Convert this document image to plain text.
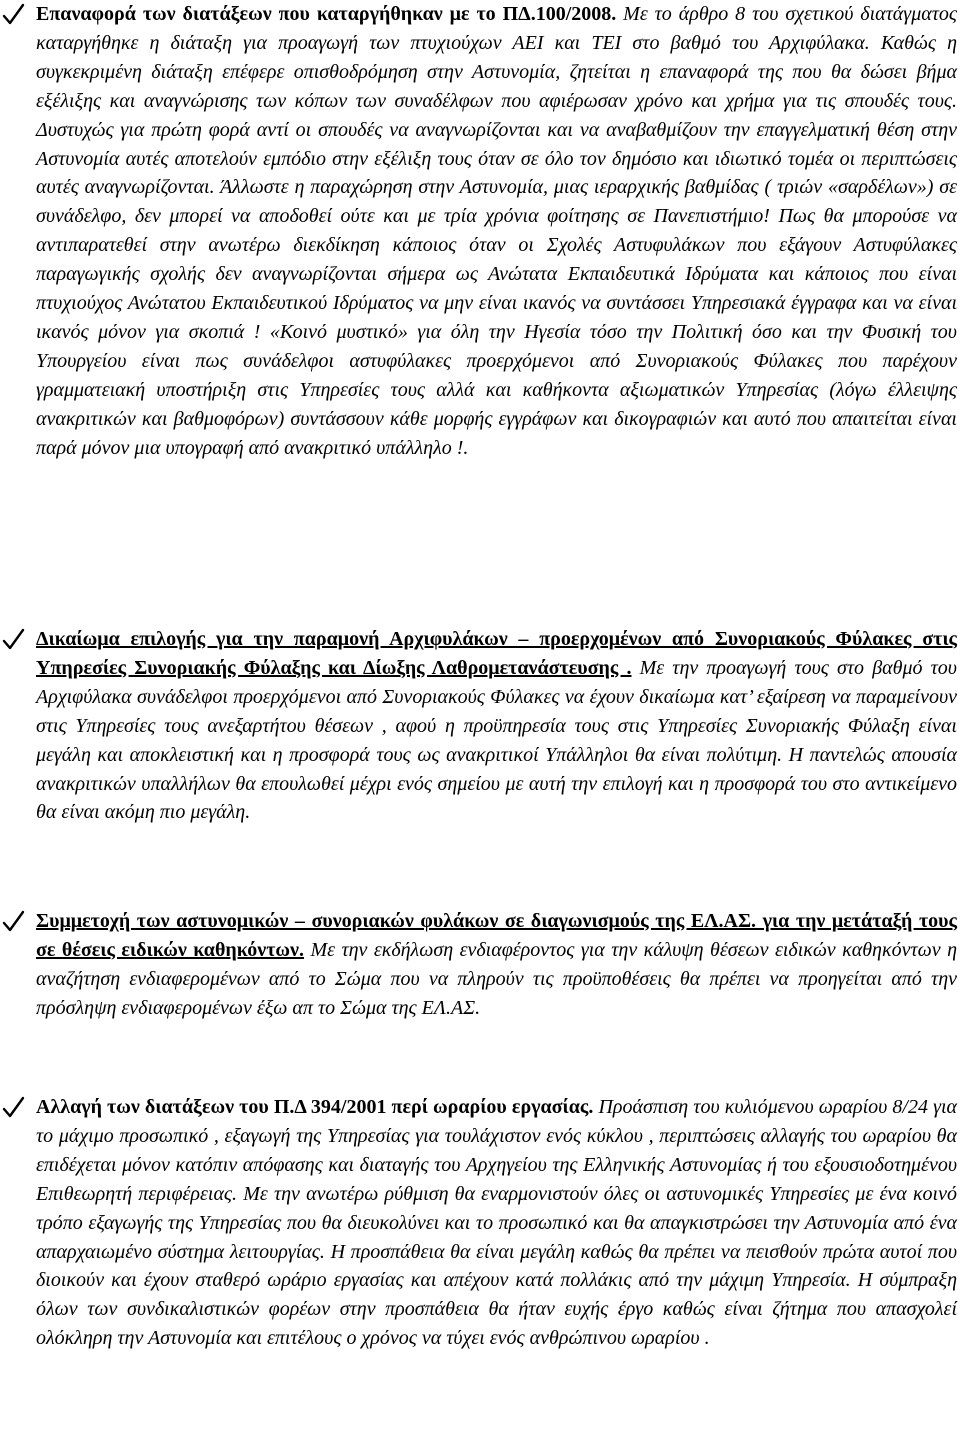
Επαναφορά των διατάξεων που καταργήθηκαν με το ΠΔ.100/2008. Με το άρθρο 8 του σχετικού διατάγματος καταργήθηκε η διάταξη για προαγωγή των πτυχιούχων ΑΕΙ και ΤΕΙ στο βαθμό του Αρχιφύλακα. Καθώς η συγκεκριμένη διάταξη επέφερε οπισθοδρόμηση στην Αστυνομία, ζητείται η επαναφορά της που θα δώσει βήμα εξέλιξης και αναγνώρισης των κόπων των συναδέλφων που αφιέρωσαν χρόνο και χρήμα για τις σπουδές τους. Δυστυχώς για πρώτη φορά αντί οι σπουδές να αναγνωρίζονται και να αναβαθμίζουν την επαγγελματική θέση στην Αστυνομία αυτές αποτελούν εμπόδιο στην εξέλιξη τους όταν σε όλο τον δημόσιο και ιδιωτικό τομέα οι περιπτώσεις αυτές αναγνωρίζονται. Άλλωστε η παραχώρηση στην Αστυνομία, μιας ιεραρχικής βαθμίδας ( τριών «σαρδέλων») σε συνάδελφο, δεν μπορεί να αποδοθεί ούτε και με τρία χρόνια φοίτησης σε Πανεπιστήμιο! Πως θα μπορούσε να αντιπαρατεθεί στην ανωτέρω διεκδίκηση κάποιος όταν οι Σχολές Αστυφυλάκων που εξάγουν Αστυφύλακες παραγωγικής σχολής δεν αναγνωρίζονται σήμερα ως Ανώτατα Εκπαιδευτικά Ιδρύματα και κάποιος που είναι πτυχιούχος Ανώτατου Εκπαιδευτικού Ιδρύματος να μην είναι ικανός να συντάσσει Υπηρεσιακά έγγραφα και να είναι ικανός μόνον για σκοπιά ! «Κοινό μυστικό» για όλη την Ηγεσία τόσο την Πολιτική όσο και την Φυσική του Υπουργείου είναι πως συνάδελφοι αστυφύλακες προερχόμενοι από Συνοριακούς Φύλακες που παρέχουν γραμματειακή υποστήριξη στις Υπηρεσίες τους αλλά και καθήκοντα αξιωματικών Υπηρεσίας (λόγω έλλειψης ανακριτικών και βαθμοφόρων) συντάσσουν κάθε μορφής εγγράφων και δικογραφιών και αυτό που απαιτείται είναι παρά μόνον μια υπογραφή από ανακριτικό υπάλληλο !.

Δικαίωμα επιλογής για την παραμονή Αρχιφυλάκων – προερχομένων από Συνοριακούς Φύλακες στις Υπηρεσίες Συνοριακής Φύλαξης και Δίωξης Λαθρομετανάστευσης . Με την προαγωγή τους στο βαθμό του Αρχιφύλακα συνάδελφοι προερχόμενοι από Συνοριακούς Φύλακες να έχουν δικαίωμα κατ’ εξαίρεση να παραμείνουν στις Υπηρεσίες τους ανεξαρτήτου θέσεων , αφού η προϋπηρεσία τους στις Υπηρεσίες Συνοριακής Φύλαξη είναι μεγάλη και αποκλειστική και η προσφορά τους ως ανακριτικοί Υπάλληλοι θα είναι πολύτιμη. Η παντελώς απουσία ανακριτικών υπαλλήλων θα επουλωθεί μέχρι ενός σημείου με αυτή την επιλογή και η προσφορά του στο αντικείμενο θα είναι ακόμη πιο μεγάλη.

Συμμετοχή των αστυνομικών – συνοριακών φυλάκων σε διαγωνισμούς της ΕΛ.ΑΣ. για την μετάταξή τους σε θέσεις ειδικών καθηκόντων. Με την εκδήλωση ενδιαφέροντος για την κάλυψη θέσεων ειδικών καθηκόντων η αναζήτηση ενδιαφερομένων από το Σώμα που να πληρούν τις προϋποθέσεις θα πρέπει να προηγείται από την πρόσληψη ενδιαφερομένων έξω απ το Σώμα της ΕΛ.ΑΣ.

Αλλαγή των διατάξεων του Π.Δ 394/2001 περί ωραρίου εργασίας. Προάσπιση του κυλιόμενου ωραρίου 8/24 για το μάχιμο προσωπικό , εξαγωγή της Υπηρεσίας για τουλάχιστον ενός κύκλου , περιπτώσεις αλλαγής του ωραρίου θα επιδέχεται μόνον κατόπιν απόφασης και διαταγής του Αρχηγείου της Ελληνικής Αστυνομίας ή του εξουσιοδοτημένου Επιθεωρητή περιφέρειας. Με την ανωτέρω ρύθμιση θα εναρμονιστούν όλες οι αστυνομικές Υπηρεσίες με ένα κοινό τρόπο εξαγωγής της Υπηρεσίας που θα διευκολύνει και το προσωπικό και θα απαγκιστρώσει την Αστυνομία από ένα απαρχαιωμένο σύστημα λειτουργίας. Η προσπάθεια θα είναι μεγάλη καθώς θα πρέπει να πεισθούν πρώτα αυτοί που διοικούν και έχουν σταθερό ωράριο εργασίας και απέχουν κατά πολλάκις από την μάχιμη Υπηρεσία. Η σύμπραξη όλων των συνδικαλιστικών φορέων στην προσπάθεια θα ήταν ευχής έργο καθώς είναι ζήτημα που απασχολεί ολόκληρη την Αστυνομία και επιτέλους ο χρόνος να τύχει ενός ανθρώπινου ωραρίου .
